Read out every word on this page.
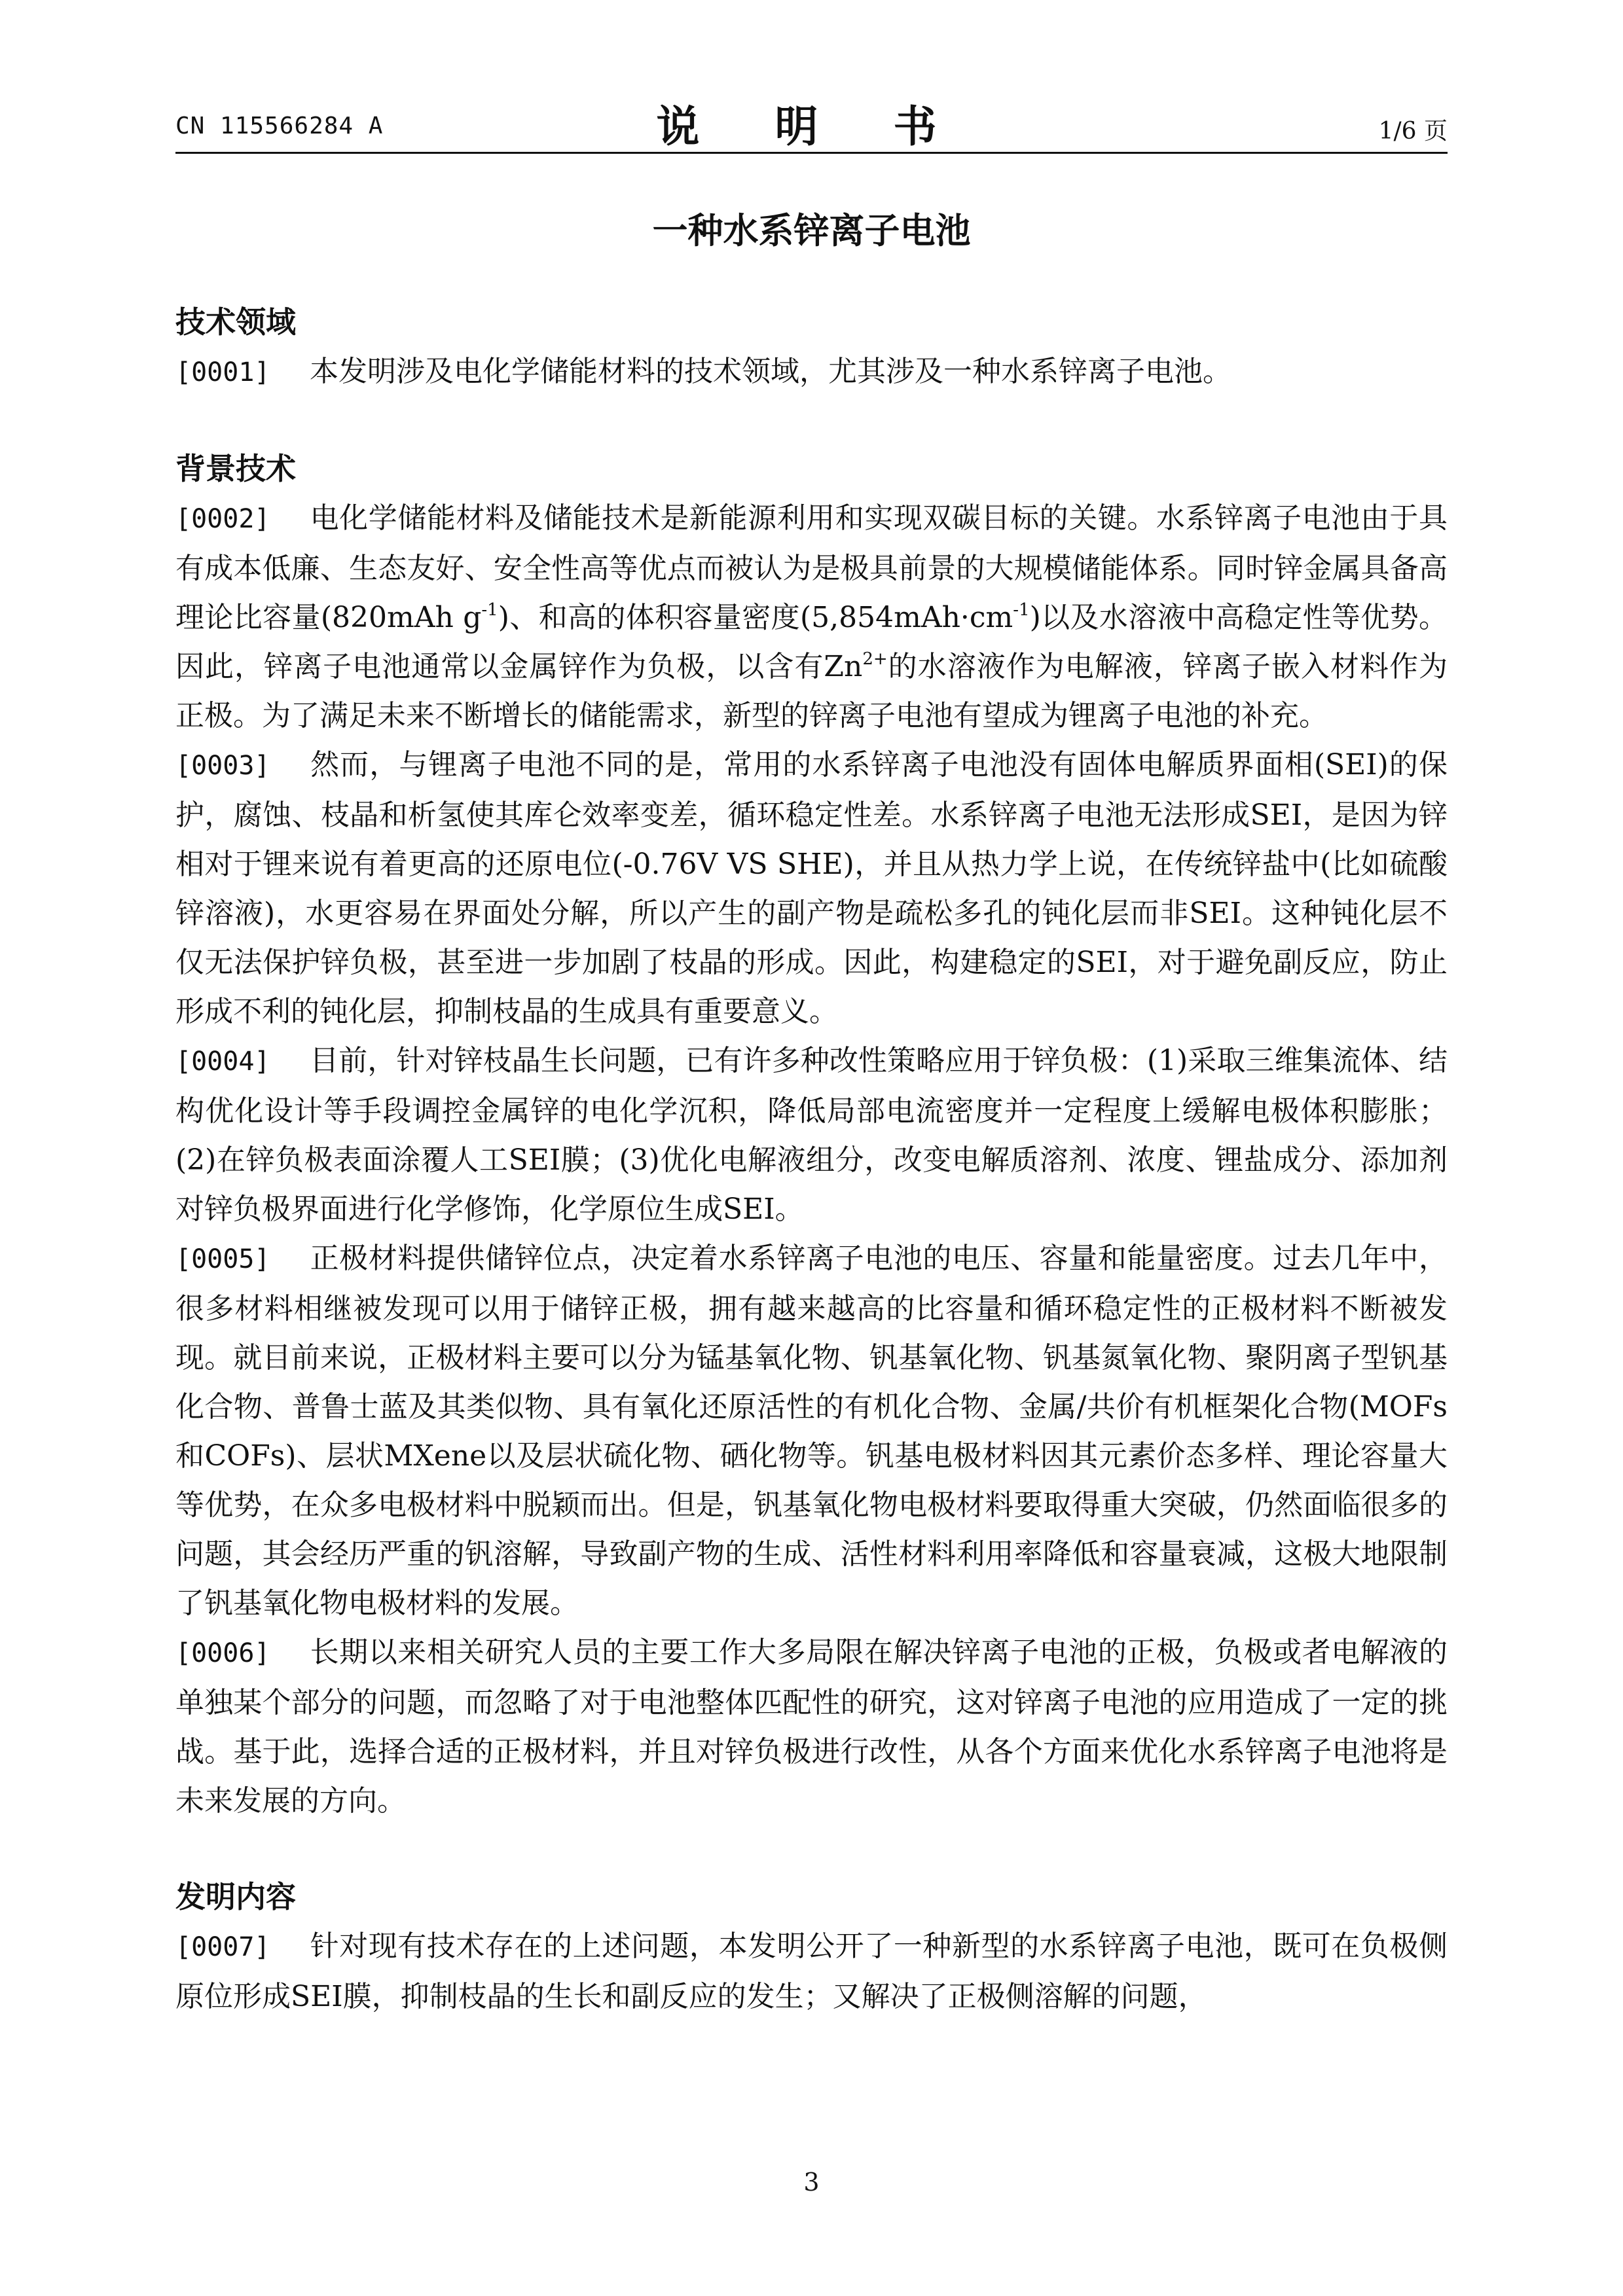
CN 115566284 A	说 明 书	1/6 页
一种水系锌离子电池
技术领域

[0001] 本发明涉及电化学储能材料的技术领域，尤其涉及一种水系锌离子电池。

背景技术

[0002] 电化学储能材料及储能技术是新能源利用和实现双碳目标的关键。水系锌离子电池由于具有成本低廉、生态友好、安全性高等优点而被认为是极具前景的大规模储能体系。同时锌金属具备高理论比容量(820mAh $g^{-1}$)、和高的体积容量密度$(5,854mAh\cdot cm^{-1})$以及水溶液中高稳定性等优势。因此，锌离子电池通常以金属锌作为负极，以含有$Zn^{2+}$的水溶液作为电解液，锌离子嵌入材料作为正极。为了满足未来不断增长的储能需求，新型的锌离子电池有望成为锂离子电池的补充。

[0003] 然而，与锂离子电池不同的是，常用的水系锌离子电池没有固体电解质界面相(SEI)的保护，腐蚀、枝晶和析氢使其库仑效率变差，循环稳定性差。水系锌离子电池无法形成SEI，是因为锌相对于锂来说有着更高的还原电位(-0.76V VS SHE)，并且从热力学上说，在传统锌盐中(比如硫酸锌溶液)，水更容易在界面处分解，所以产生的副产物是疏松多孔的钝化层而非SEI。这种钝化层不仅无法保护锌负极，甚至进一步加剧了枝晶的形成。因此，构建稳定的SEI，对于避免副反应，防止形成不利的钝化层，抑制枝晶的生成具有重要意义。

[0004] 目前，针对锌枝晶生长问题，已有许多种改性策略应用于锌负极：(1)采取三维集流体、结构优化设计等手段调控金属锌的电化学沉积，降低局部电流密度并一定程度上缓解电极体积膨胀；(2)在锌负极表面涂覆人工SEI膜；(3)优化电解液组分，改变电解质溶剂、浓度、锂盐成分、添加剂对锌负极界面进行化学修饰，化学原位生成SEI。

[0005] 正极材料提供储锌位点，决定着水系锌离子电池的电压、容量和能量密度。过去几年中，很多材料相继被发现可以用于储锌正极，拥有越来越高的比容量和循环稳定性的正极材料不断被发现。就目前来说，正极材料主要可以分为锰基氧化物、钒基氧化物、钒基氮氧化物、聚阴离子型钒基化合物、普鲁士蓝及其类似物、具有氧化还原活性的有机化合物、金属/共价有机框架化合物(MOFs和COFs)、层状MXene以及层状硫化物、硒化物等。钒基电极材料因其元素价态多样、理论容量大等优势，在众多电极材料中脱颖而出。但是，钒基氧化物电极材料要取得重大突破，仍然面临很多的问题，其会经历严重的钒溶解，导致副产物的生成、活性材料利用率降低和容量衰减，这极大地限制了钒基氧化物电极材料的发展。

[0006] 长期以来相关研究人员的主要工作大多局限在解决锌离子电池的正极，负极或者电解液的单独某个部分的问题，而忽略了对于电池整体匹配性的研究，这对锌离子电池的应用造成了一定的挑战。基于此，选择合适的正极材料，并且对锌负极进行改性，从各个方面来优化水系锌离子电池将是未来发展的方向。

发明内容

[0007] 针对现有技术存在的上述问题，本发明公开了一种新型的水系锌离子电池，既可在负极侧原位形成SEI膜，抑制枝晶的生长和副反应的发生；又解决了正极侧溶解的问题，

3
